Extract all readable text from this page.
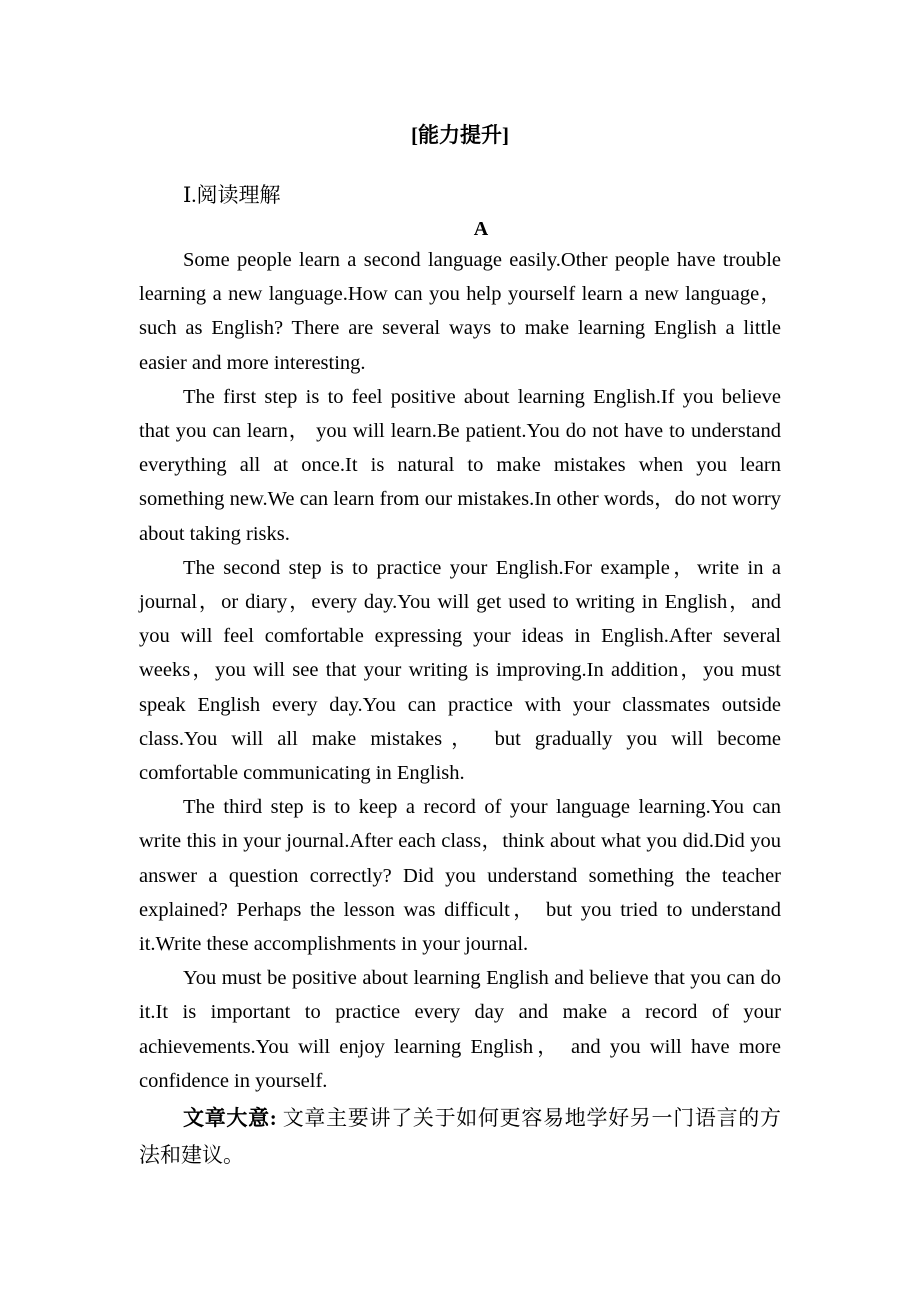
[能力提升]
Ⅰ.阅读理解
A

Some people learn a second language easily.Other people have trouble learning a new language.How can you help yourself learn a new language， such as English? There are several ways to make learning English a little easier and more interesting.

The first step is to feel positive about learning English.If you believe that you can learn， you will learn.Be patient.You do not have to understand everything all at once.It is natural to make mistakes when you learn something new.We can learn from our mistakes.In other words，do not worry about taking risks.

The second step is to practice your English.For example，write in a journal，or diary，every day.You will get used to writing in English，and you will feel comfortable expressing your ideas in English.After several weeks，you will see that your writing is improving.In addition，you must speak English every day.You can practice with your classmates outside class.You will all make mistakes， but gradually you will become comfortable communicating in English.

The third step is to keep a record of your language learning.You can write this in your journal.After each class，think about what you did.Did you answer a question correctly? Did you understand something the teacher explained? Perhaps the lesson was difficult， but you tried to understand it.Write these accomplishments in your journal.

You must be positive about learning English and believe that you can do it.It is important to practice every day and make a record of your achievements.You will enjoy learning English， and you will have more confidence in yourself.

文章大意: 文章主要讲了关于如何更容易地学好另一门语言的方法和建议。
